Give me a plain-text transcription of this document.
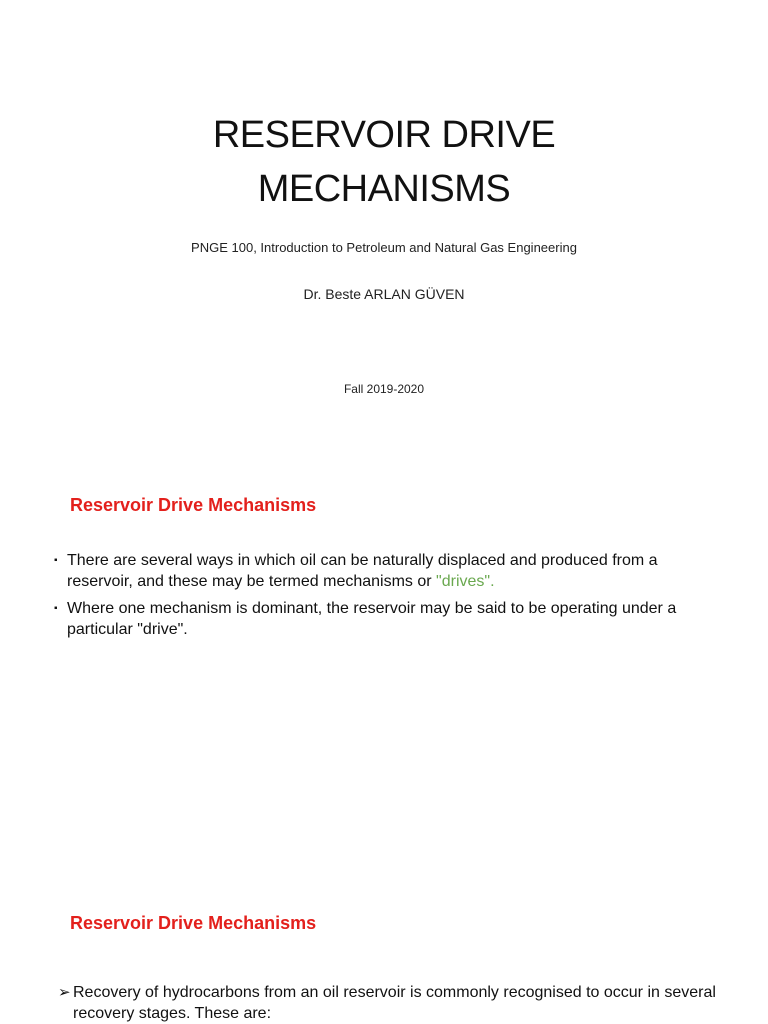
RESERVOIR DRIVE
MECHANISMS
PNGE 100, Introduction to Petroleum and Natural Gas Engineering
Dr. Beste ARLAN GÜVEN
Fall 2019-2020
Reservoir Drive Mechanisms
▪ There are several ways in which oil can be naturally displaced and produced from a reservoir, and these may be termed mechanisms or "drives".
▪ Where one mechanism is dominant, the reservoir may be said to be operating under a particular "drive".
Reservoir Drive Mechanisms
➢ Recovery of hydrocarbons from an oil reservoir is commonly recognised to occur in several recovery stages. These are:
